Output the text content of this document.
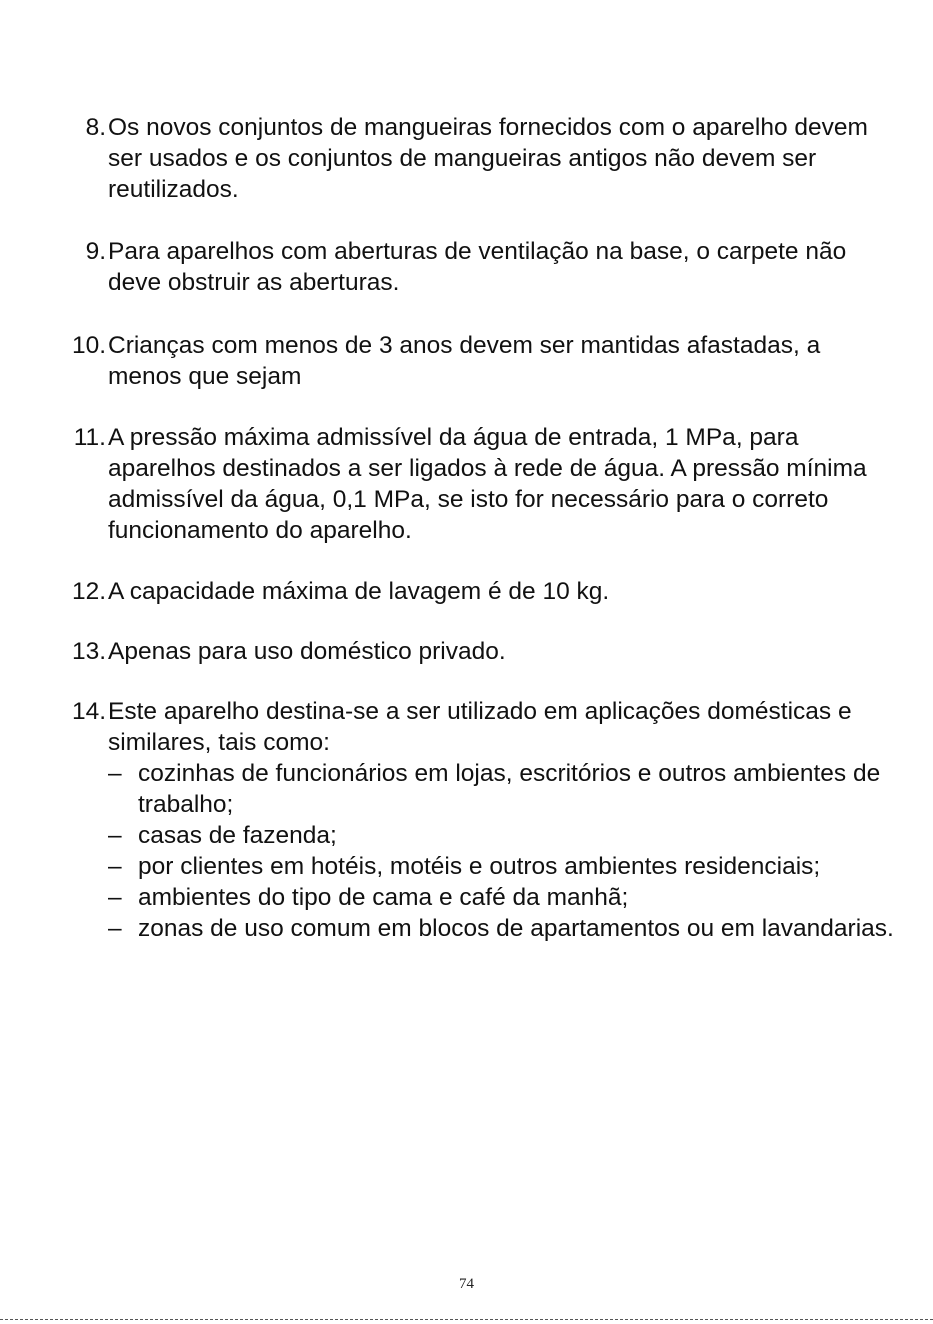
8. Os novos conjuntos de mangueiras fornecidos com o aparelho devem ser usados e os conjuntos de mangueiras antigos não devem ser reutilizados.
9. Para aparelhos com aberturas de ventilação na base, o carpete não deve obstruir as aberturas.
10. Crianças com menos de 3 anos devem ser mantidas afastadas, a menos que sejam
11. A pressão máxima admissível da água de entrada, 1 MPa, para aparelhos destinados a ser ligados à rede de água. A pressão mínima admissível da água, 0,1 MPa, se isto for necessário para o correto funcionamento do aparelho.
12. A capacidade máxima de lavagem é de 10 kg.
13. Apenas para uso doméstico privado.
14. Este aparelho destina-se a ser utilizado em aplicações domésticas e similares, tais como:
– cozinhas de funcionários em lojas, escritórios e outros ambientes de trabalho;
– casas de fazenda;
– por clientes em hotéis, motéis e outros ambientes residenciais;
– ambientes do tipo de cama e café da manhã;
– zonas de uso comum em blocos de apartamentos ou em lavandarias.
74
